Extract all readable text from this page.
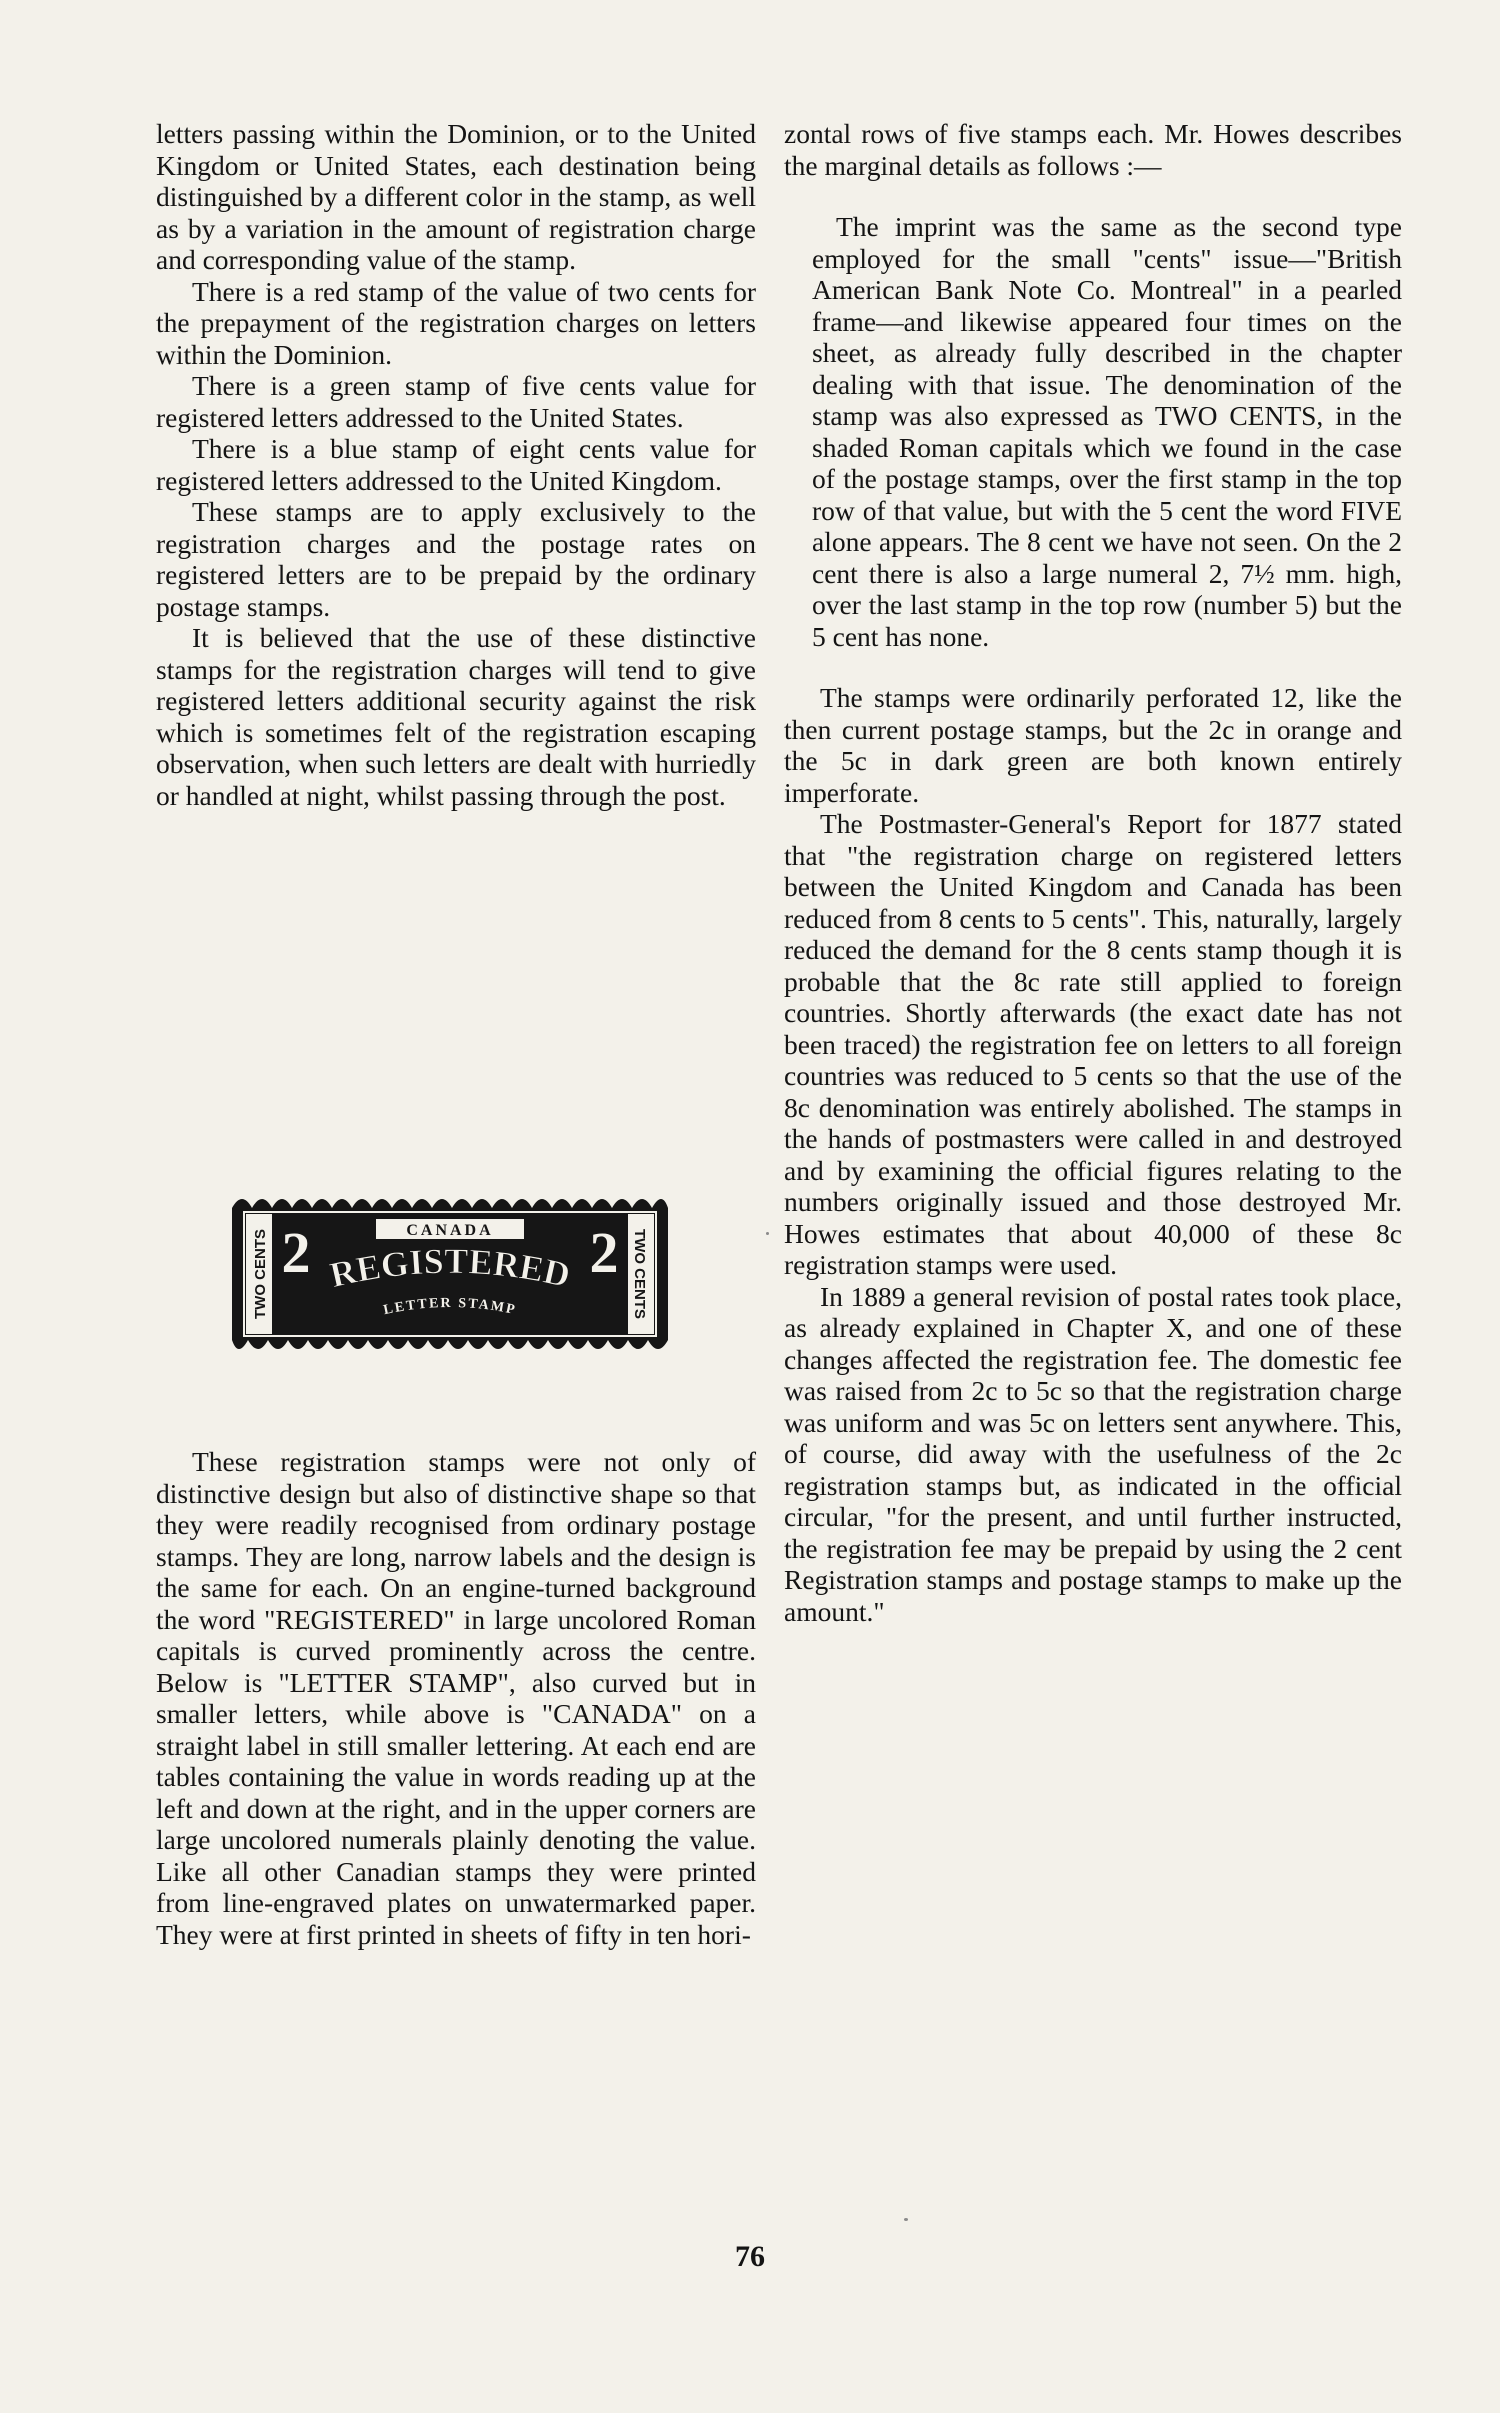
letters passing within the Dominion, or to the United Kingdom or United States, each destination being distinguished by a different color in the stamp, as well as by a variation in the amount of registration charge and corresponding value of the stamp.

There is a red stamp of the value of two cents for the prepayment of the registration charges on letters within the Dominion.

There is a green stamp of five cents value for registered letters addressed to the United States.

There is a blue stamp of eight cents value for registered letters addressed to the United Kingdom.

These stamps are to apply exclusively to the registration charges and the postage rates on registered letters are to be prepaid by the ordinary postage stamps.

It is believed that the use of these distinctive stamps for the registration charges will tend to give registered letters additional security against the risk which is sometimes felt of the registration escaping observation, when such letters are dealt with hurriedly or handled at night, whilst passing through the post.

TWO CENTS	TWO CENTS
2	2
CANADA
REGISTERED
LETTER STAMP

These registration stamps were not only of distinctive design but also of distinctive shape so that they were readily recognised from ordinary postage stamps. They are long, narrow labels and the design is the same for each. On an engine-turned background the word "REGISTERED" in large uncolored Roman capitals is curved prominently across the centre. Below is "LETTER STAMP", also curved but in smaller letters, while above is "CANADA" on a straight label in still smaller lettering. At each end are tables containing the value in words reading up at the left and down at the right, and in the upper corners are large uncolored numerals plainly denoting the value. Like all other Canadian stamps they were printed from line-engraved plates on unwatermarked paper. They were at first printed in sheets of fifty in ten hori-

zontal rows of five stamps each. Mr. Howes describes the marginal details as follows :—

The imprint was the same as the second type employed for the small "cents" issue—"British American Bank Note Co. Montreal" in a pearled frame—and likewise appeared four times on the sheet, as already fully described in the chapter dealing with that issue. The denomination of the stamp was also expressed as TWO CENTS, in the shaded Roman capitals which we found in the case of the postage stamps, over the first stamp in the top row of that value, but with the 5 cent the word FIVE alone appears. The 8 cent we have not seen. On the 2 cent there is also a large numeral 2, 7½ mm. high, over the last stamp in the top row (number 5) but the 5 cent has none.

The stamps were ordinarily perforated 12, like the then current postage stamps, but the 2c in orange and the 5c in dark green are both known entirely imperforate.

The Postmaster-General's Report for 1877 stated that "the registration charge on registered letters between the United Kingdom and Canada has been reduced from 8 cents to 5 cents". This, naturally, largely reduced the demand for the 8 cents stamp though it is probable that the 8c rate still applied to foreign countries. Shortly afterwards (the exact date has not been traced) the registration fee on letters to all foreign countries was reduced to 5 cents so that the use of the 8c denomination was entirely abolished. The stamps in the hands of postmasters were called in and destroyed and by examining the official figures relating to the numbers originally issued and those destroyed Mr. Howes estimates that about 40,000 of these 8c registration stamps were used.

In 1889 a general revision of postal rates took place, as already explained in Chapter X, and one of these changes affected the registration fee. The domestic fee was raised from 2c to 5c so that the registration charge was uniform and was 5c on letters sent anywhere. This, of course, did away with the usefulness of the 2c registration stamps but, as indicated in the official circular, "for the present, and until further instructed, the registration fee may be prepaid by using the 2 cent Registration stamps and postage stamps to make up the amount."

76
